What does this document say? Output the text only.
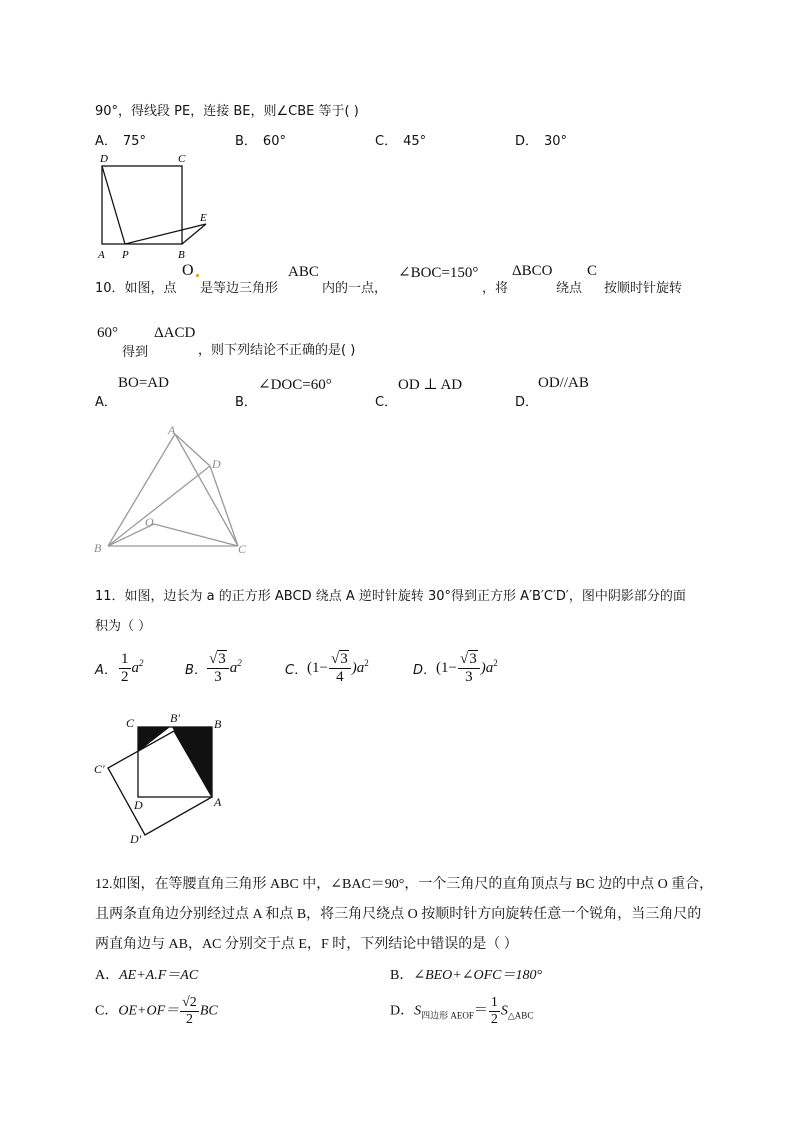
90°，得线段 PE，连接 BE，则∠CBE 等于( )
A． 75°	B． 60°	C． 45°	D． 30°
D	C
E
A P	B
10．如图，点
O
是等边三角形
ABC
内的一点，
∠BOC=150°
，将
ΔBCO
绕点
C
按顺时针旋转
60°
得到
ΔACD
，则下列结论不正确的是( )
A．
BO=AD
B．
∠DOC=60°
C．
OD ⊥ AD
D．
OD//AB
A
D
O
B	C
11．如图，边长为 a 的正方形 ABCD 绕点 A 逆时针旋转 30°得到正方形 A′B′C′D′，图中阴影部分的面
积为（ ）
A． $\frac{1}{2} a^2$
B． $\frac{√3}{3} a^2$
C． $(1- \frac{√3}{4} )a^2$
D． $(1- \frac{√3}{3} )a^2$
C	B′	B
C′
D	A
D′
12.如图，在等腰直角三角形 ABC 中，∠BAC＝90°，一个三角尺的直角顶点与 BC 边的中点 O 重合，
且两条直角边分别经过点 A 和点 B，将三角尺绕点 O 按顺时针方向旋转任意一个锐角，当三角尺的
两直角边与 AB，AC 分别交于点 E，F 时，下列结论中错误的是（ ）
A．AE+A.F＝AC	B．∠BEO+∠OFC＝180°
C．$OE+OF= \frac{√2}{2}$ BC	D．$S_{四边形 AEOF}= \frac{1}{2} S_{\triangle ABC}$
